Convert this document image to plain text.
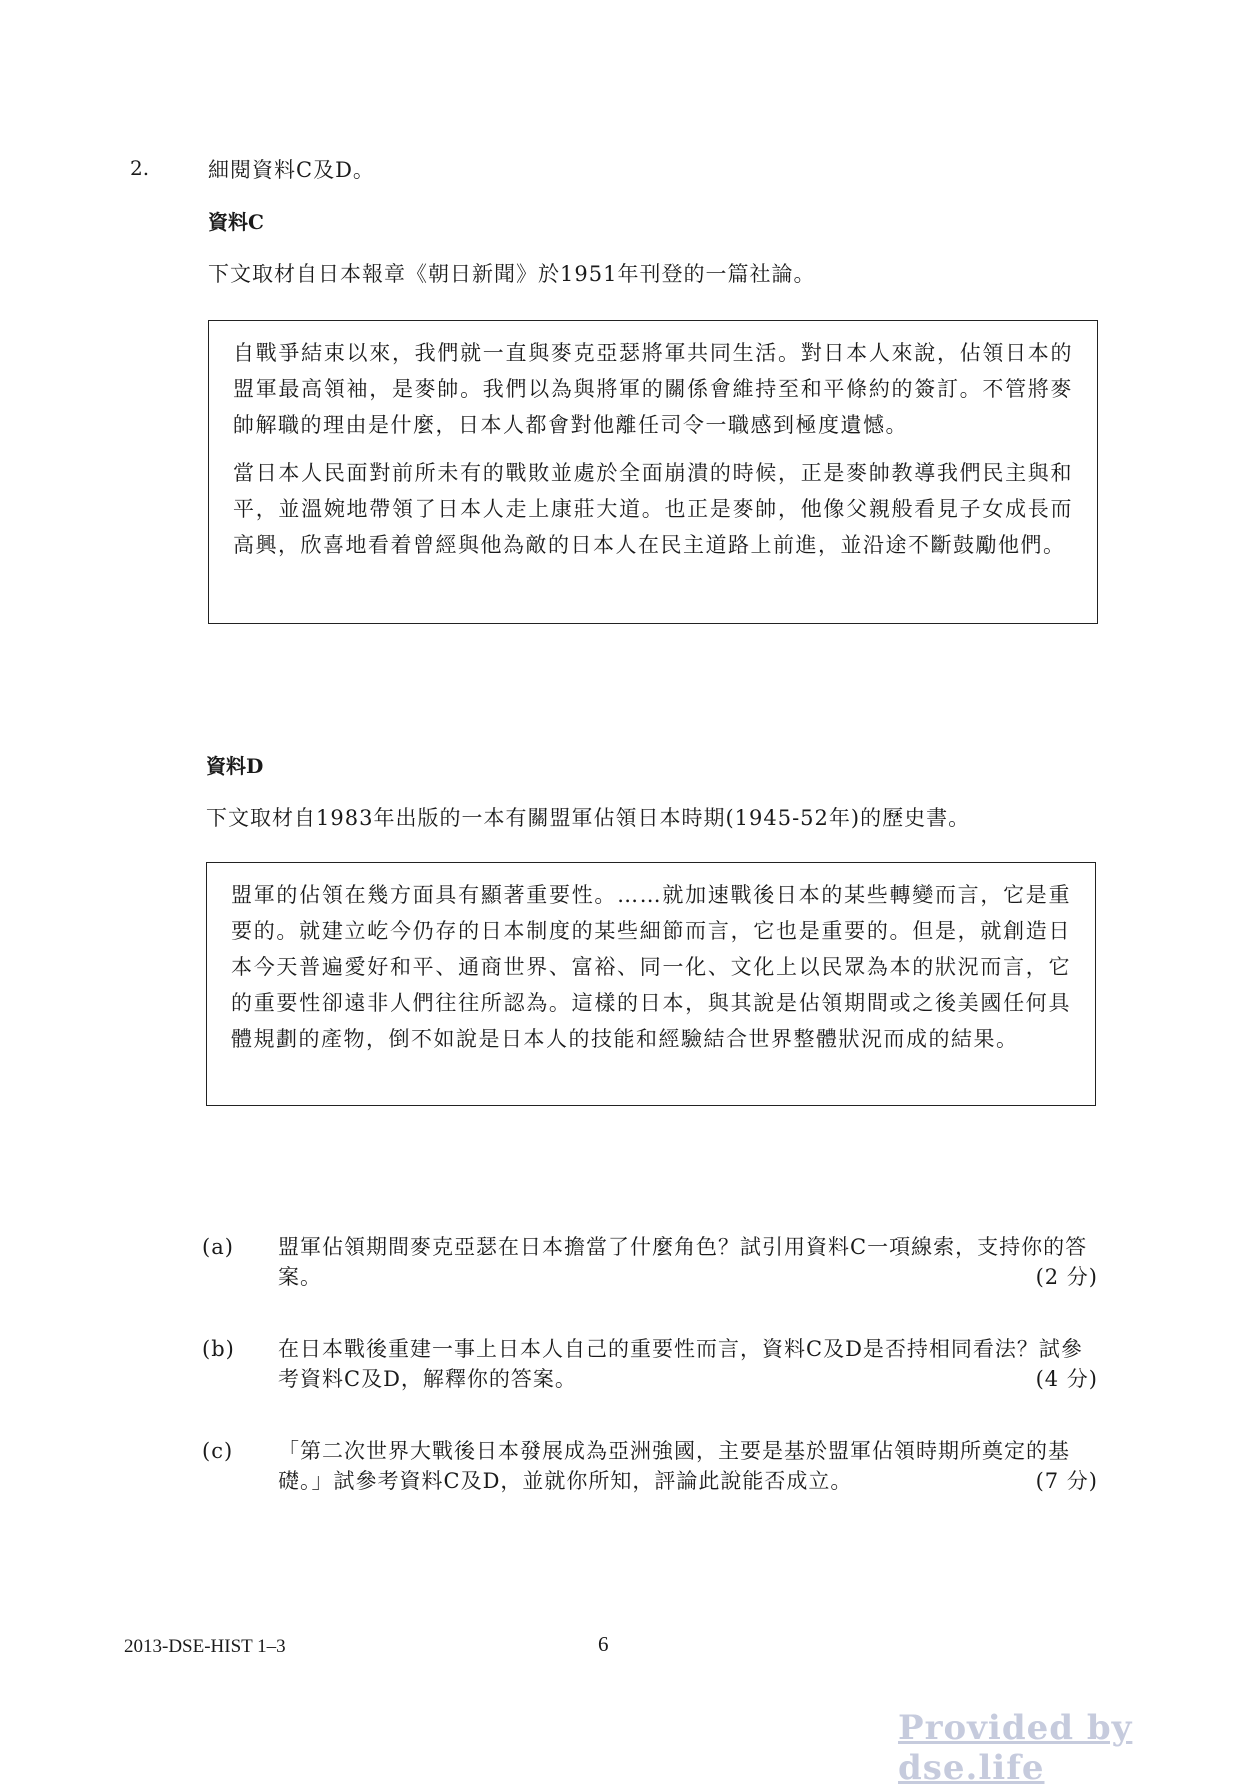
2.	細閱資料C及D。
資料C
下文取材自日本報章《朝日新聞》於1951年刊登的一篇社論。

自戰爭結束以來，我們就一直與麥克亞瑟將軍共同生活。對日本人來說，佔領日本的盟軍最高領袖，是麥帥。我們以為與將軍的關係會維持至和平條約的簽訂。不管將麥帥解職的理由是什麼，日本人都會對他離任司令一職感到極度遺憾。

當日本人民面對前所未有的戰敗並處於全面崩潰的時候，正是麥帥教導我們民主與和平，並溫婉地帶領了日本人走上康莊大道。也正是麥帥，他像父親般看見子女成長而高興，欣喜地看着曾經與他為敵的日本人在民主道路上前進，並沿途不斷鼓勵他們。

資料D
下文取材自1983年出版的一本有關盟軍佔領日本時期(1945-52年)的歷史書。

盟軍的佔領在幾方面具有顯著重要性。……就加速戰後日本的某些轉變而言，它是重要的。就建立屹今仍存的日本制度的某些細節而言，它也是重要的。但是，就創造日本今天普遍愛好和平、通商世界、富裕、同一化、文化上以民眾為本的狀況而言，它的重要性卻遠非人們往往所認為。這樣的日本，與其說是佔領期間或之後美國任何具體規劃的產物，倒不如說是日本人的技能和經驗結合世界整體狀況而成的結果。

(a) 盟軍佔領期間麥克亞瑟在日本擔當了什麼角色？試引用資料C一項線索，支持你的答案。	(2 分)
(b) 在日本戰後重建一事上日本人自己的重要性而言，資料C及D是否持相同看法？試參考資料C及D，解釋你的答案。	(4 分)
(c) 「第二次世界大戰後日本發展成為亞洲強國，主要是基於盟軍佔領時期所奠定的基礎。」試參考資料C及D，並就你所知，評論此說能否成立。	(7 分)
2013-DSE-HIST 1–3	6
Provided by dse.life
